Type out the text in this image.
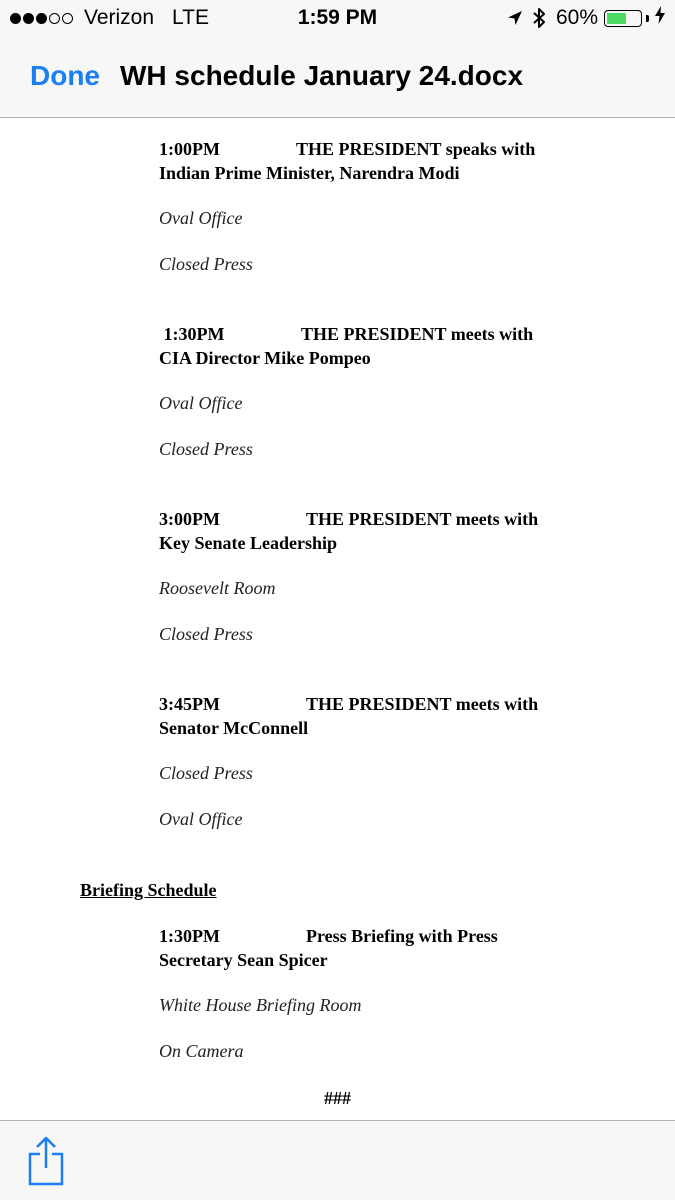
Verizon LTE	1:59 PM	60%
Done WH schedule January 24.docx
1:00PM	THE PRESIDENT speaks with
Indian Prime Minister, Narendra Modi
Oval Office
Closed Press
1:30PM	THE PRESIDENT meets with
CIA Director Mike Pompeo
Oval Office
Closed Press
3:00PM	THE PRESIDENT meets with
Key Senate Leadership
Roosevelt Room
Closed Press
3:45PM	THE PRESIDENT meets with
Senator McConnell
Closed Press
Oval Office
Briefing Schedule
1:30PM	Press Briefing with Press
Secretary Sean Spicer
White House Briefing Room
On Camera
###
